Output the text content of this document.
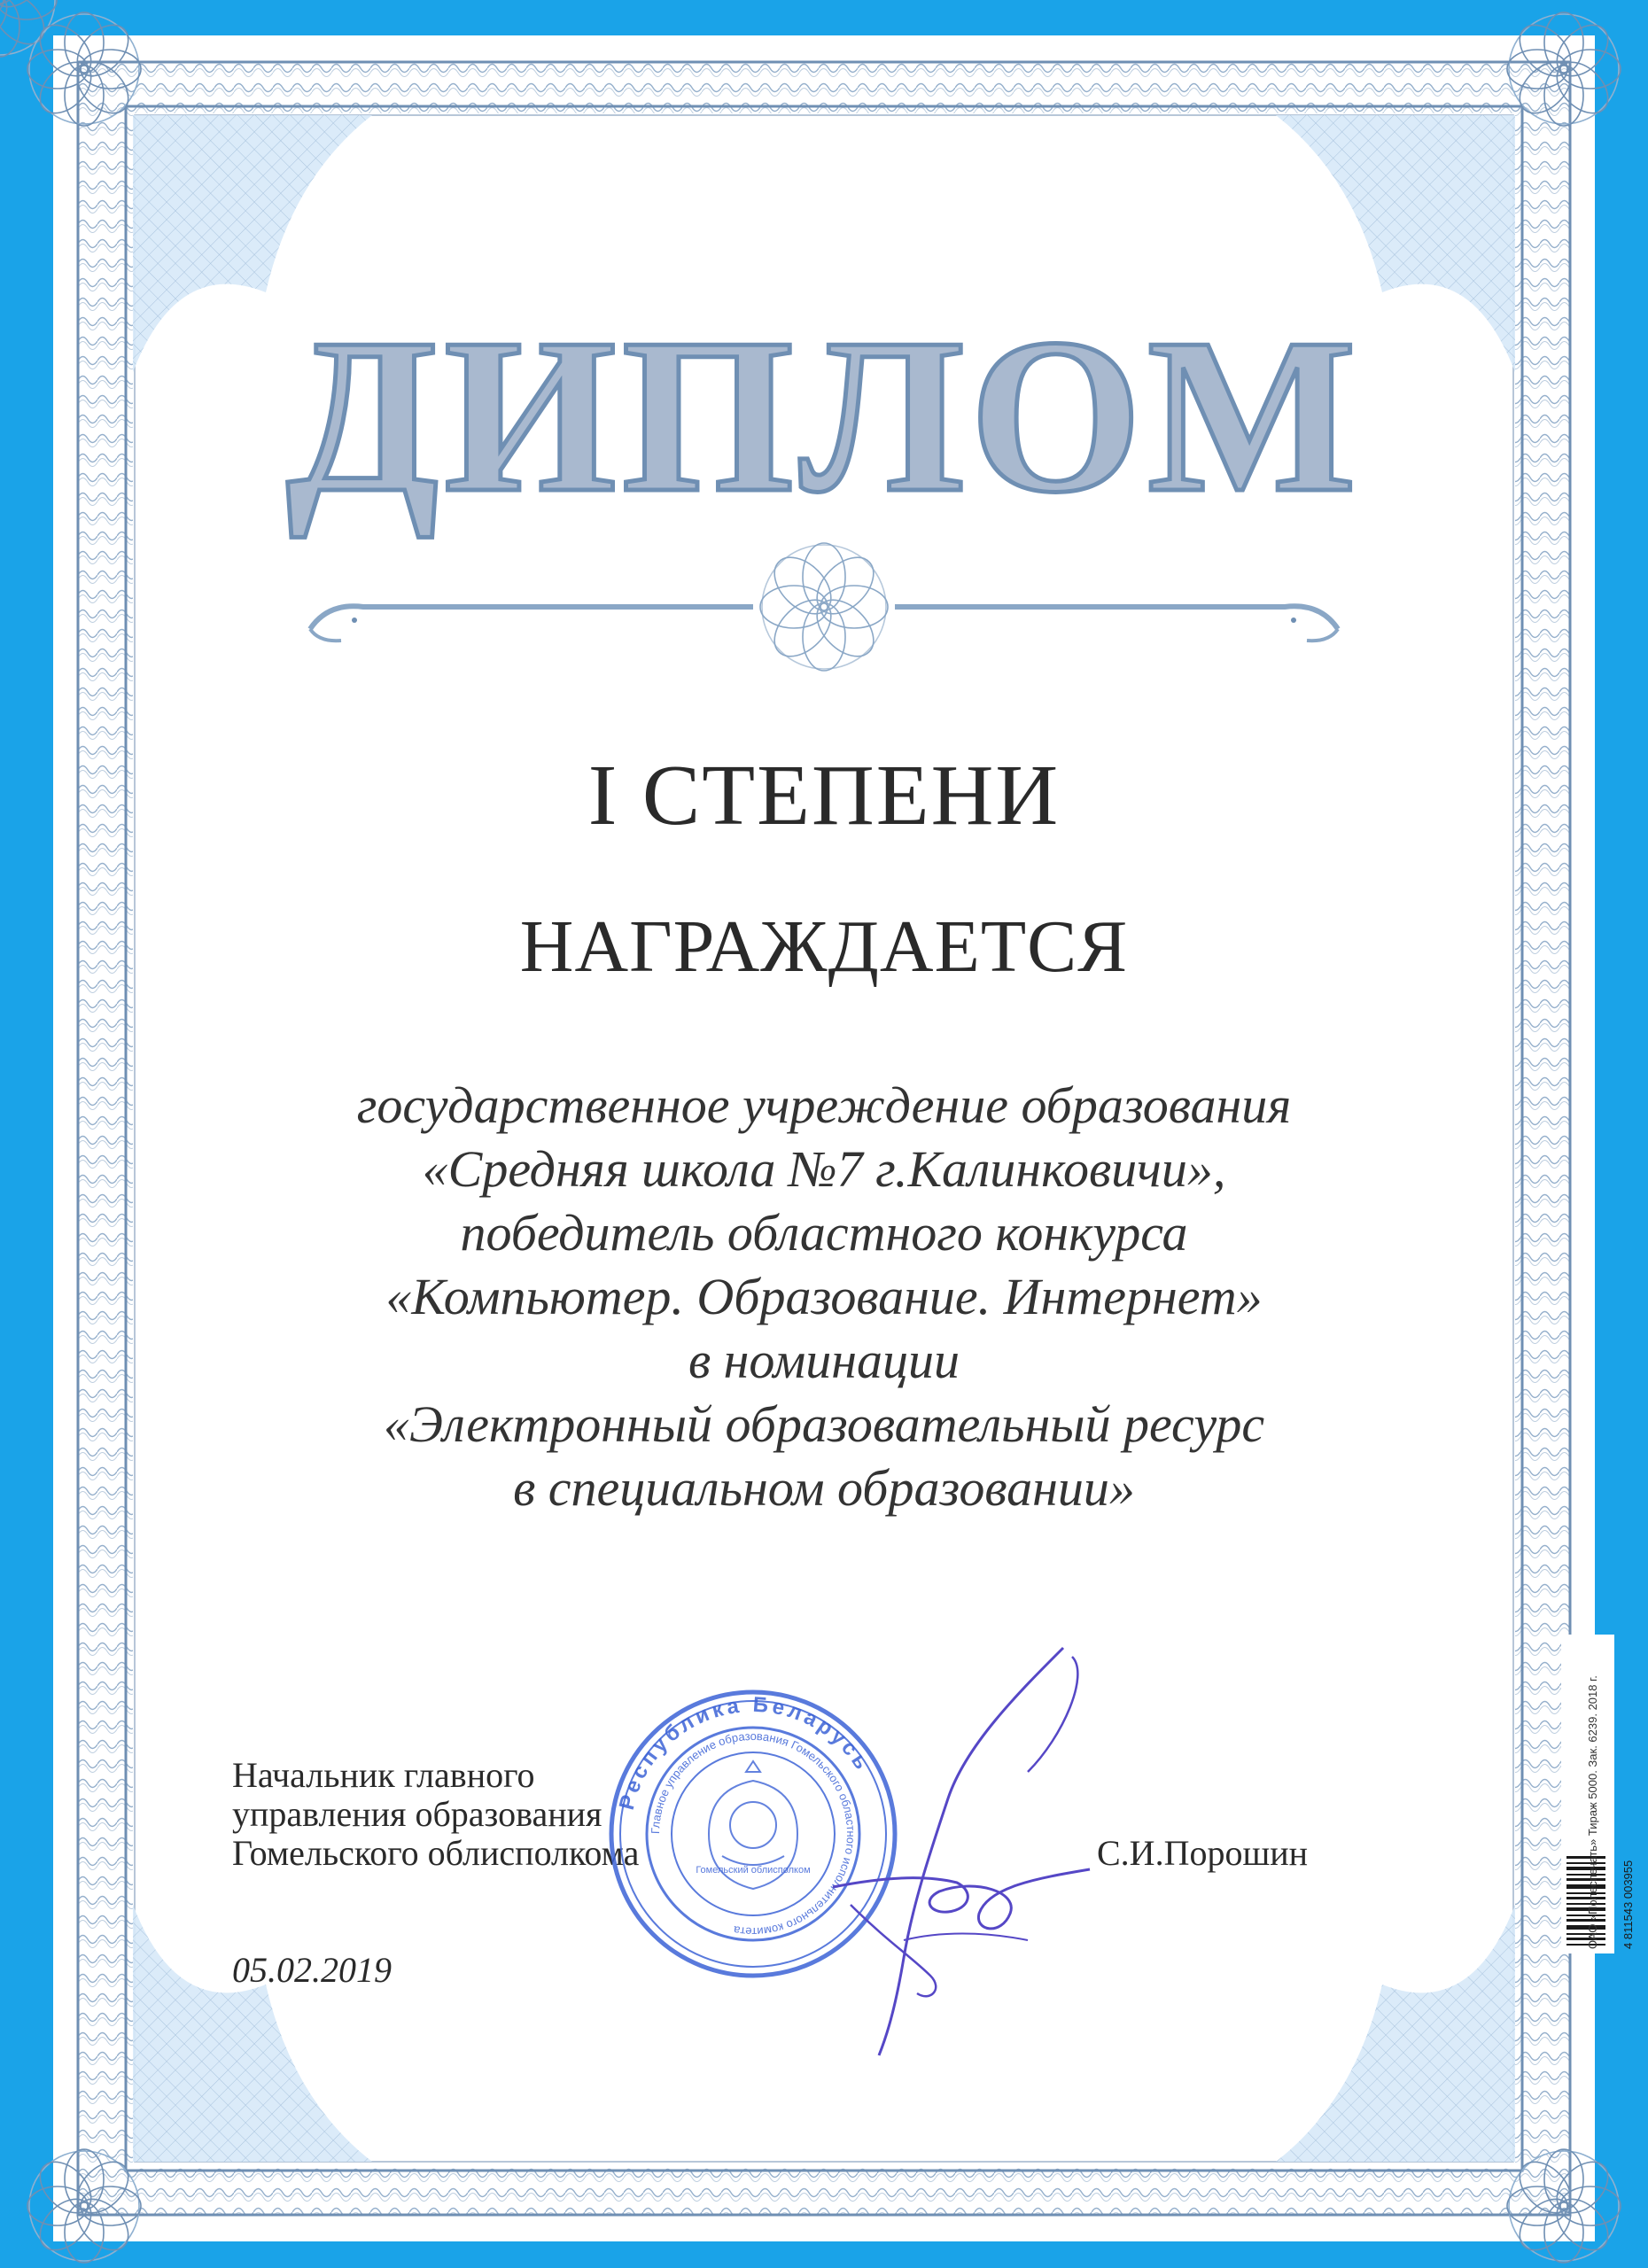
ДИПЛОМ
I СТЕПЕНИ
НАГРАЖДАЕТСЯ
государственное учреждение образования
«Средняя школа №7 г.Калинковичи»,
победитель областного конкурса
«Компьютер. Образование. Интернет»
в номинации
«Электронный образовательный ресурс
в специальном образовании»
Начальник главного
управления образования
Гомельского облисполкома	С.И.Порошин
05.02.2019
Республика Беларусь
Главное управление образования Гомельского областного исполнительного комитета
Гомельский облисполком	4 811543 003955
ОАО «Полеспечать» Тираж 5000. Зак. 6239. 2018 г.
